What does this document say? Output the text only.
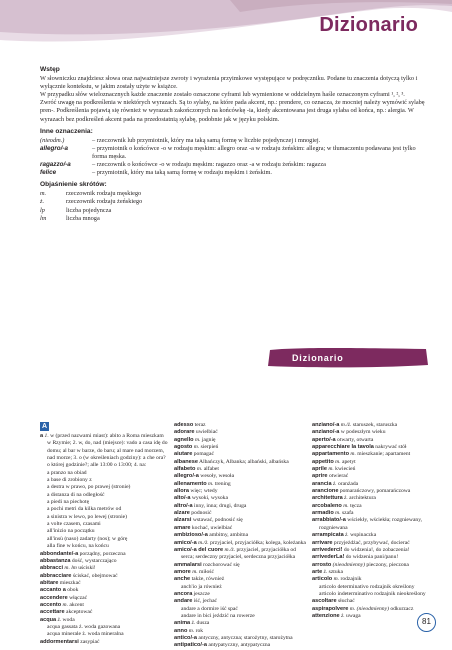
Dizionario

Wstęp

W słowniczku znajdziesz słowa oraz najważniejsze zwroty i wyrażenia przyimkowe występujące w podręczniku. Podane tu znaczenia dotyczą tylko i wyłącznie kontekstu, w jakim zostały użyte w książce.

W przypadku słów wieloznacznych każde znaczenie zostało oznaczone cyframi lub wymienione w oddzielnym haśle oznaczonym cyframi ¹, ², ³.

Zwróć uwagę na podkreślenia w niektórych wyrazach. Są to sylaby, na które pada akcent, np.: prendere, co oznacza, że mocniej należy wymówić sylabę pren-. Podkreślenia pojawią się również w wyrazach zakończonych na końcówkę -ia, kiedy akcentowana jest druga sylaba od końca, np.: alergia. W wyrazach bez podkreśleń akcent pada na przedostatnią sylabę, podobnie jak w języku polskim.

Inne oznaczenia:

(nieodm.)	– rzeczownik lub przymiotnik, który ma taką samą formę w liczbie pojedynczej i mnogiej.
allegro/-a	– przymiotnik o końcówce -o w rodzaju męskim: allegro oraz -a w rodzaju żeńskim: allegra; w tłumaczeniu podawana jest tylko forma męska.
ragazzo/-a	– rzeczownik o końcówce -o w rodzaju męskim: ragazzo oraz -a w rodzaju żeńskim: ragazza
felice	– przymiotnik, który ma taką samą formę w rodzaju męskim i żeńskim.

Objaśnienie skrótów:

m.	rzeczownik rodzaju męskiego
ż.	rzeczownik rodzaju żeńskiego
lp	liczba pojedyncza
lm	liczba mnoga
Dizionario
A
a 1. w (przed nazwami miast): abito a Roma mieszkam w Rzymie; 2. w, do, nad (miejsce): vado a casa idę do domu; al bar w barze, do baru; al mare nad morzem, nad morze; 3. o (w określeniach godziny): a che ora? o której godzinie?; alle 13:00 o 13:00; 4. na:
a pranzo na obiad
a base di zrobiony z
a destra w prawo, po prawej (stronie)
a distanza di na odległość
a piedi na piechotę
a pochi metri da kilka metrów od
a sinistra w lewo, po lewej (stronie)
a volte czasem, czasami
all'inizio na początku
all'insù (naso) zadarty (nos); w górę
alla fine w końcu, na końcu
abbondante/-a porządny, porzeczna
abbastanza dość, wystarczająco
abbracci m. lm uściski!
abbracciare ściskać, obejmować
abitare mieszkać
accanto a obok
accendere włączać
accento m. akcent
accettare akceptować
acqua ż. woda
acqua gassata ż. woda gazowana
acqua minerale ż. woda mineralna
addormentarsi zasypiać
adesso teraz
adorare uwielbiać
agnello m. jagnię
agosto m. sierpień
aiutare pomagać
albanese Albańczyk, Albanka; albański, albańska
alfabeto m. alfabet
allegro/-a wesoły, wesoła
allenamento m. trening
allora więc; wtedy
alto/-a wysoki, wysoka
altro/-a inny, inna; drugi, druga
alzare podnosić
alzarsi wstawać, podnosić się
amare kochać, uwielbiać
ambizioso/-a ambitny, ambitna
amico/-a m./ż. przyjaciel, przyjaciółka; kolega, koleżanka
amico/-a del cuore m./ż. przyjaciel, przyjaciółka od serca; serdeczny przyjaciel, serdeczna przyjaciółka
ammalarsi rozchorować się
amore m. miłość
anche także, również
anch'io ja również
ancora jeszcze
andare iść, jechać
andare a dormire iść spać
andare in bici jeździć na rowerze
anima ż. dusza
anno m. rok
antico/-a antyczny, antyczna; starożytny, starożytna
antipatico/-a antypatyczny, antypatyczna
anziano/-a m./ż. staruszek, staruszka
anziano/-a w podeszłym wieku
aperto/-a otwarty, otwarta
apparecchiare la tavola nakrywać stół
appartamento m. mieszkanie; apartament
appetito m. apetyt
aprile m. kwiecień
aprire otwierać
arancia ż. oranżada
arancione pomarańczowy, pomarańczowa
architettura ż. architektura
arcobaleno m. tęcza
armadio m. szafa
arrabbiato/-a wściekły, wściekła; rozgniewany, rozgniewana
arrampicata ż. wspinaczka
arrivare przyjeżdżać, przybywać, docierać
arrivederci! do widzenia!, do zobaczenia!
arrivederLa! do widzenia pani/panu!
arrosto (nieodmienny) pieczony, pieczona
arte ż. sztuka
articolo m. rodzajnik
articolo determinativo rodzajnik określony
articolo indeterminativo rodzajnik nieokreślony
ascoltare słuchać
aspirapolvere m. (nieodmienny) odkurzacz
attenzione ż. uwaga
81
